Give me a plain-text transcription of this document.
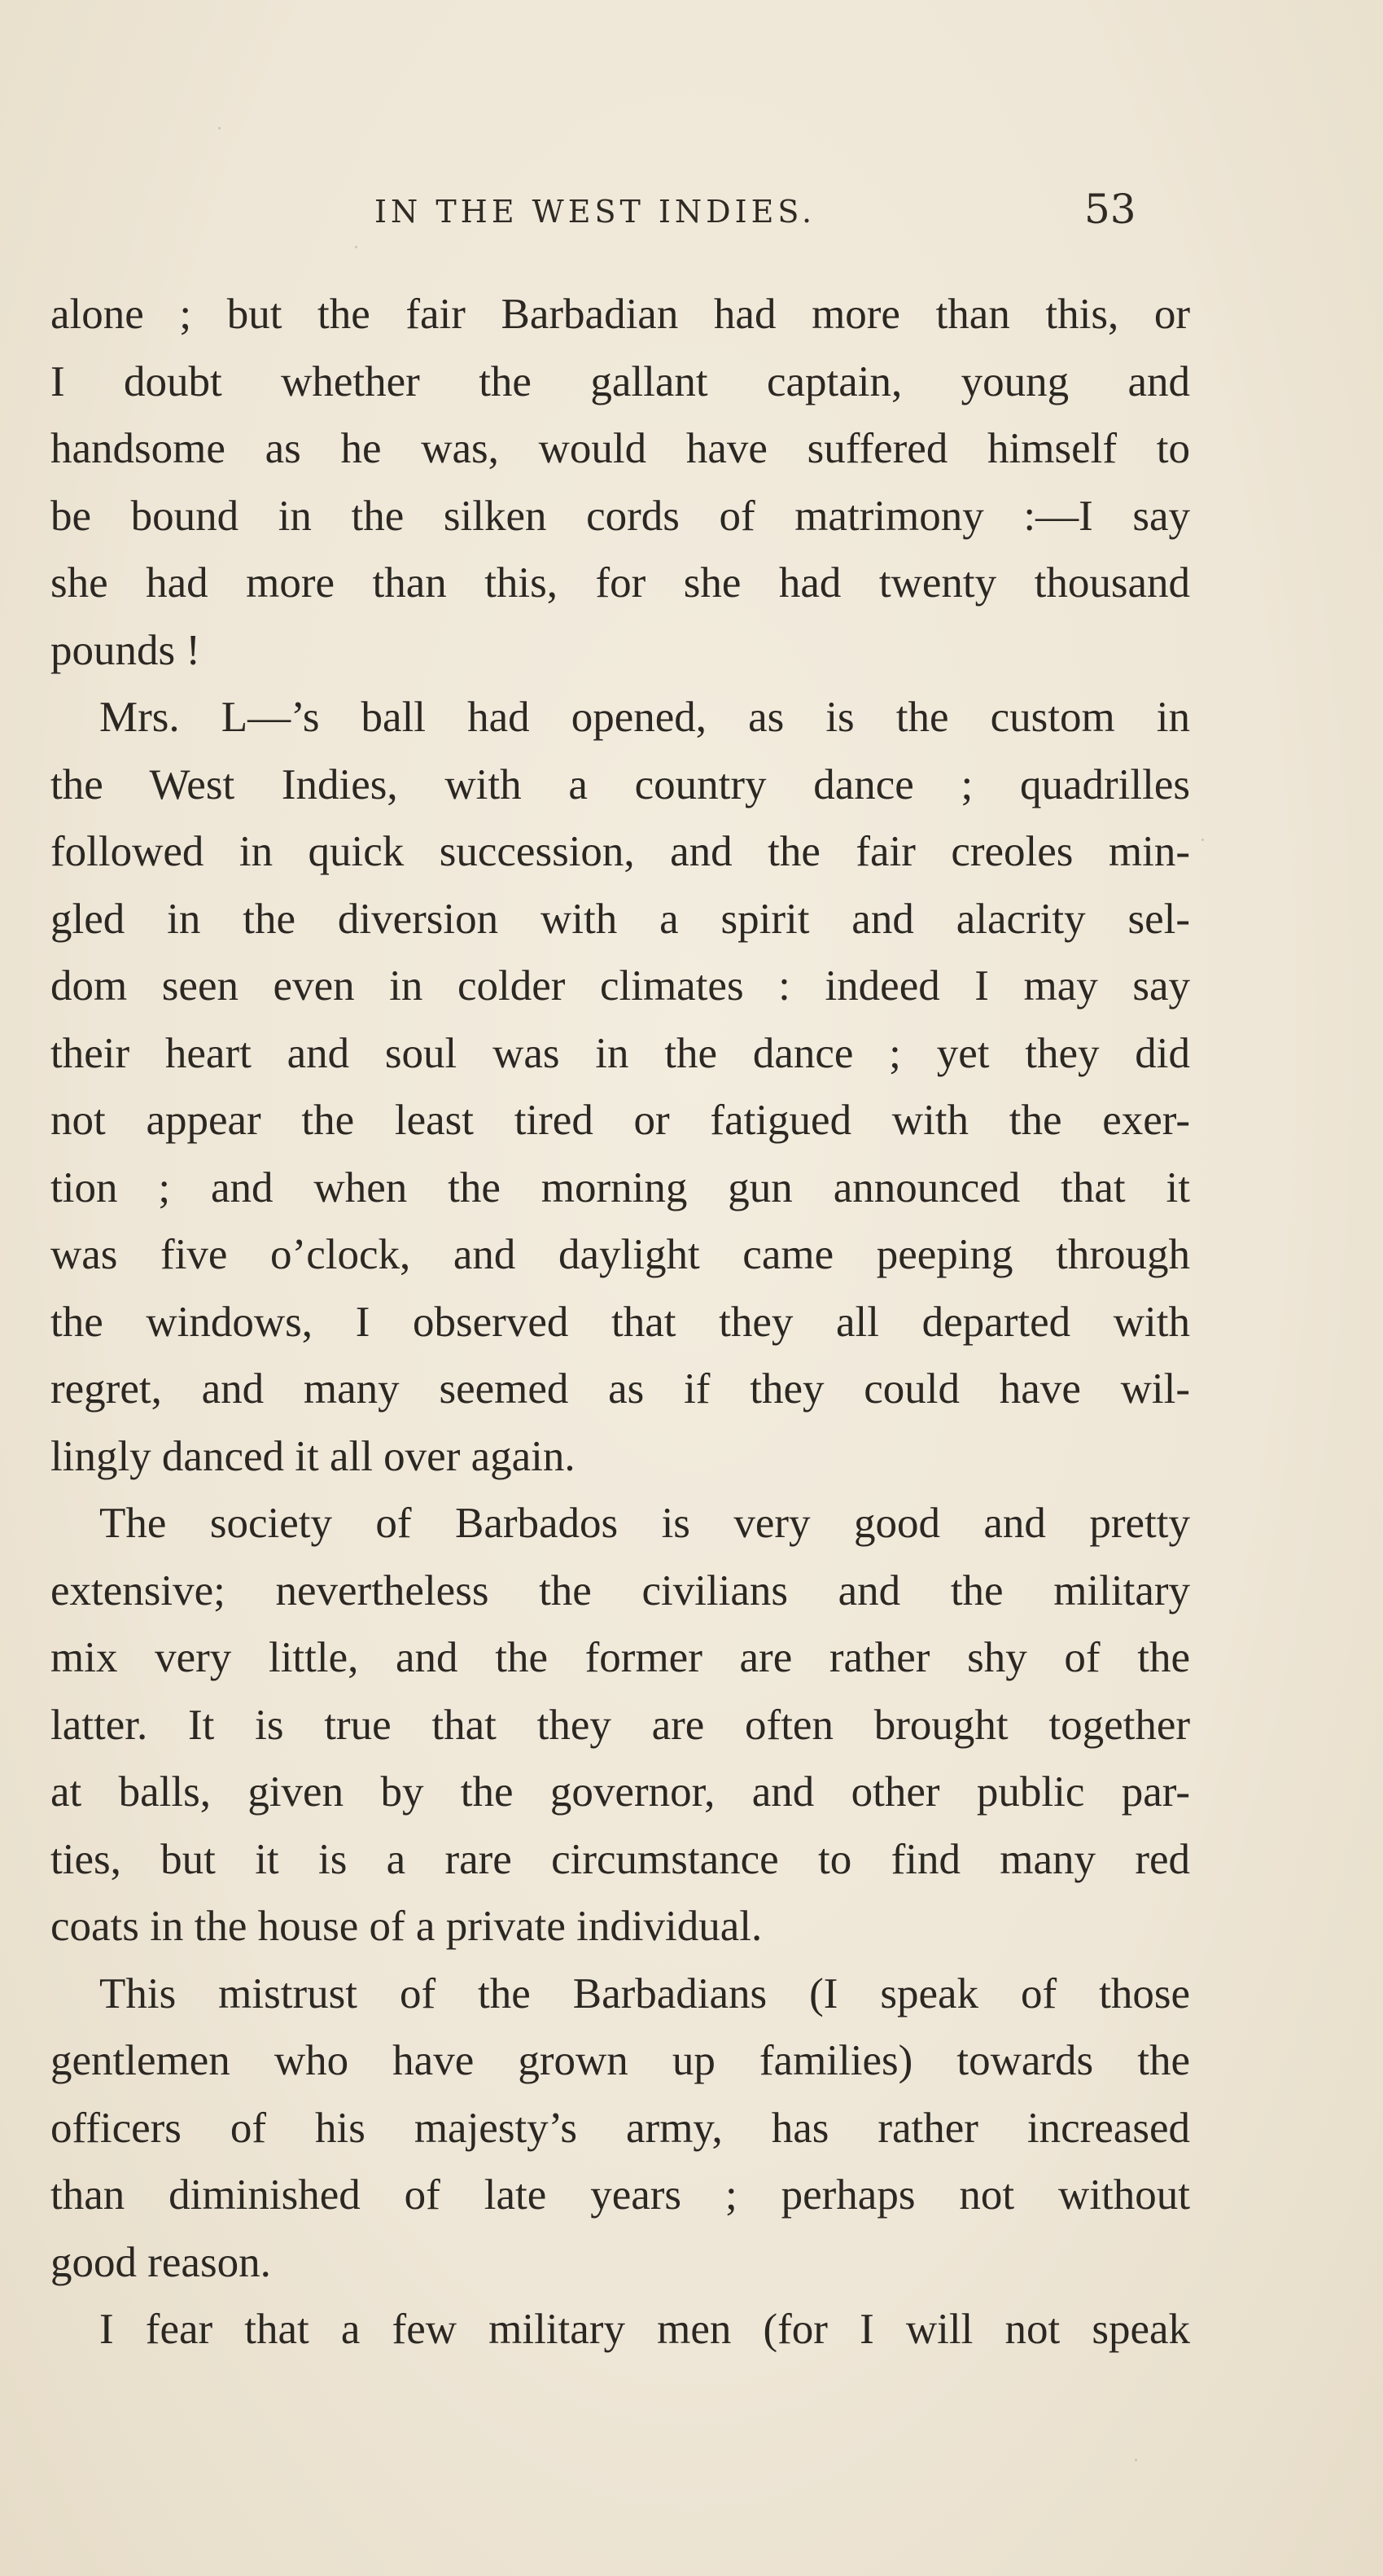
IN THE WEST INDIES.	53
alone ; but the fair Barbadian had more than this, or
I doubt whether the gallant captain, young and
handsome as he was, would have suffered himself to
be bound in the silken cords of matrimony :—I say
she had more than this, for she had twenty thousand
pounds !
Mrs. L—’s ball had opened, as is the custom in
the West Indies, with a country dance ; quadrilles
followed in quick succession, and the fair creoles min-
gled in the diversion with a spirit and alacrity sel-
dom seen even in colder climates : indeed I may say
their heart and soul was in the dance ; yet they did
not appear the least tired or fatigued with the exer-
tion ; and when the morning gun announced that it
was five o’clock, and daylight came peeping through
the windows, I observed that they all departed with
regret, and many seemed as if they could have wil-
lingly danced it all over again.
The society of Barbados is very good and pretty
extensive; nevertheless the civilians and the military
mix very little, and the former are rather shy of the
latter. It is true that they are often brought together
at balls, given by the governor, and other public par-
ties, but it is a rare circumstance to find many red
coats in the house of a private individual.
This mistrust of the Barbadians (I speak of those
gentlemen who have grown up families) towards the
officers of his majesty’s army, has rather increased
than diminished of late years ; perhaps not without
good reason.
I fear that a few military men (for I will not speak
